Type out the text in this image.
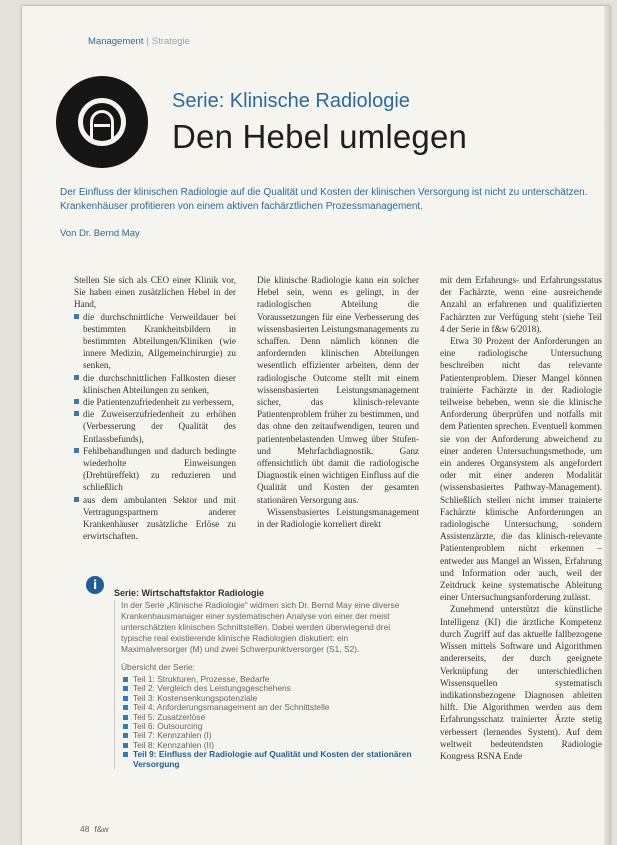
Management | Strategie
Serie: Klinische Radiologie
Den Hebel umlegen
Der Einfluss der klinischen Radiologie auf die Qualität und Kosten der klinischen Versorgung ist nicht zu unterschätzen. Krankenhäuser profitieren von einem aktiven fachärztlichen Prozessmanagement.
Von Dr. Bernd May

Stellen Sie sich als CEO einer Klinik vor, Sie haben einen zusätzlichen Hebel in der Hand,

die durchschnittliche Verweildauer bei bestimmten Krankheitsbildern in bestimmten Abteilungen/Kliniken (wie innere Medizin, Allgemeinchirurgie) zu senken,
die durchschnittlichen Fallkosten dieser klinischen Abteilungen zu senken,
die Patientenzufriedenheit zu verbessern,
die Zuweiserzufriedenheit zu erhöhen (Verbesserung der Qualität des Entlassbefunds),
Fehlbehandlungen und dadurch bedingte wiederholte Einweisungen (Drehtüreffekt) zu reduzieren und schließlich
aus dem ambulanten Sektor und mit Vertragungspartnern anderer Krankenhäuser zusätzliche Erlöse zu erwirtschaften.

Die klinische Radiologie kann ein solcher Hebel sein, wenn es gelingt, in der radiologischen Abteilung die Voraussetzungen für eine Verbesserung des wissensbasierten Leistungsmanagements zu schaffen. Denn nämlich können die anfordernden klinischen Abteilungen wesentlich effizienter arbeiten, denn der radiologische Outcome stellt mit einem wissensbasierten Leistungsmanagement sicher, das klinisch-relevante Patientenproblem früher zu bestimmen, und das ohne den zeitaufwendigen, teuren und patientenbelastenden Umweg über Stufen- und Mehrfachdiagnostik. Ganz offensichtlich übt damit die radiologische Diagnostik einen wichtigen Einfluss auf die Qualität und Kosten der gesamten stationären Versorgung aus.

Wissensbasiertes Leistungsmanagement in der Radiologie korreliert direkt

mit dem Erfahrungs- und Erfahrungsstatus der Fachärzte, wenn eine ausreichende Anzahl an erfahrenen und qualifizierten Fachärzten zur Verfügung steht (siehe Teil 4 der Serie in f&w 6/2018).

Etwa 30 Prozent der Anforderungen an eine radiologische Untersuchung beschreiben nicht das relevante Patientenproblem. Dieser Mangel können trainierte Fachärzte in der Radiologie teilweise beheben, wenn sie die klinische Anforderung überprüfen und notfalls mit dem Patienten sprechen. Eventuell kommen sie von der Anforderung abweichend zu einer anderen Untersuchungsmethode, um ein anderes Organsystem als angefordert oder mit einer anderen Modalität (wissensbasiertes Pathway-Management). Schließlich stellen nicht immer trainierte Fachärzte klinische Anforderungen an radiologische Untersuchung, sondern Assistenzärzte, die das klinisch-relevante Patientenproblem nicht erkennen – entweder aus Mangel an Wissen, Erfahrung und Information oder auch, weil der Zeitdruck keine systematische Ableitung einer Untersuchungsanforderung zulässt.

Zunehmend unterstützt die künstliche Intelligenz (KI) die ärztliche Kompetenz durch Zugriff auf das aktuelle fallbezogene Wissen mittels Software und Algorithmen andererseits, der durch geeignete Verknüpfung der unterschiedlichen Wissensquellen systematisch indikationsbezogene Diagnosen ableiten hilft. Die Algorithmen werden aus dem Erfahrungsschatz trainierter Ärzte stetig verbessert (lernendes System). Auf dem weltweit bedeutendsten Radiologie Kongress RSNA Ende

i
Serie: Wirtschaftsfaktor Radiologie

In der Serie „Klinische Radiologie“ widmen sich Dr. Bernd May eine diverse Krankenhausmanager einer systematischen Analyse von einer der meist unterschätzten klinischen Schnittstellen. Dabei werden überwiegend drei typische real existierende klinische Radiologien diskutiert: ein Maximalversorger (M) und zwei Schwerpunktversorger (S1, S2).

Übersicht der Serie:

Teil 1: Strukturen, Prozesse, Bedarfe
Teil 2: Vergleich des Leistungsgeschehens
Teil 3: Kostensenkungspotenziale
Teil 4: Anforderungsmanagement an der Schnittstelle
Teil 5: Zusatzerlöse
Teil 6: Outsourcing
Teil 7: Kennzahlen (I)
Teil 8: Kennzahlen (II)
Teil 9: Einfluss der Radiologie auf Qualität und Kosten der stationären Versorgung
48 f&w
